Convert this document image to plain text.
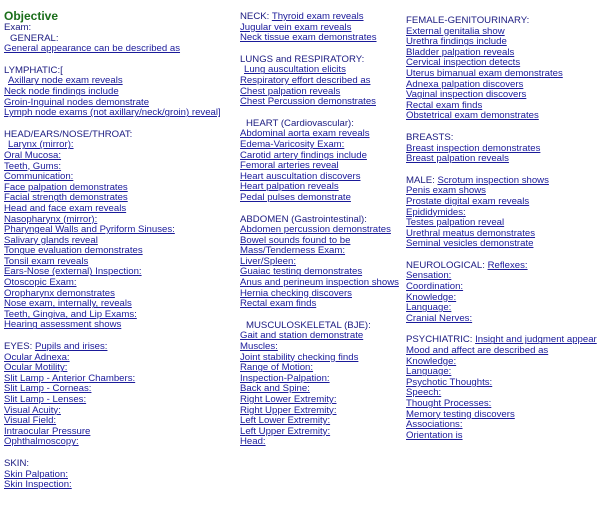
Objective
Exam:
GENERAL:
General appearance can be described as
LYMPHATIC:[
Axillary node exam reveals
Neck node findings include
Groin-Inguinal nodes demonstrate
Lymph node exams (not axillary/neck/groin) reveal]
HEAD/EARS/NOSE/THROAT:
Larynx (mirror):
Oral Mucosa:
Teeth, Gums:
Communication:
Face palpation demonstrates
Facial strength demonstrates
Head and face exam reveals
Nasopharynx (mirror):
Pharyngeal Walls and Pyriform Sinuses:
Salivary glands reveal
Tongue evaluation demonstrates
Tonsil exam reveals
Ears-Nose (external) Inspection:
Otoscopic Exam:
Oropharynx demonstrates
Nose exam, internally, reveals
Teeth, Gingiva, and Lip Exams:
Hearing assessment shows
EYES: Pupils and irises:
Ocular Adnexa:
Ocular Motility:
Slit Lamp - Anterior Chambers:
Slit Lamp - Corneas:
Slit Lamp - Lenses:
Visual Acuity:
Visual Field:
Intraocular Pressure
Ophthalmoscopy:
SKIN:
Skin Palpation:
Skin Inspection:
NECK: Thyroid exam reveals
Jugular vein exam reveals
Neck tissue exam demonstrates
LUNGS and RESPIRATORY:
Lung auscultation elicits
Respiratory effort described as
Chest palpation reveals
Chest Percussion demonstrates
HEART (Cardiovascular):
Abdominal aorta exam reveals
Edema-Varicosity Exam:
Carotid artery findings include
Femoral arteries reveal
Heart auscultation discovers
Heart palpation reveals
Pedal pulses demonstrate
ABDOMEN (Gastrointestinal):
Abdomen percussion demonstrates
Bowel sounds found to be
Mass/Tenderness Exam:
Liver/Spleen:
Guaiac testing demonstrates
Anus and perineum inspection shows
Hernia checking discovers
Rectal exam finds
MUSCULOSKELETAL (BJE):
Gait and station demonstrate
Muscles:
Joint stability checking finds
Range of Motion:
Inspection-Palpation:
Back and Spine:
Right Lower Extremity:
Right Upper Extremity:
Left Lower Extremity:
Left Upper Extremity:
Head:
FEMALE-GENITOURINARY:
External genitalia show
Urethra findings include
Bladder palpation reveals
Cervical inspection detects
Uterus bimanual exam demonstrates
Adnexa palpation discovers
Vaginal inspection discovers
Rectal exam finds
Obstetrical exam demonstrates
BREASTS:
Breast inspection demonstrates
Breast palpation reveals
MALE: Scrotum inspection shows
Penis exam shows
Prostate digital exam reveals
Epididymides:
Testes palpation reveal
Urethral meatus demonstrates
Seminal vesicles demonstrate
NEUROLOGICAL: Reflexes:
Sensation:
Coordination:
Knowledge:
Language:
Cranial Nerves:
PSYCHIATRIC: Insight and judgment appear
Mood and affect are described as
Knowledge:
Language:
Psychotic Thoughts:
Speech:
Thought Processes:
Memory testing discovers
Associations:
Orientation is
